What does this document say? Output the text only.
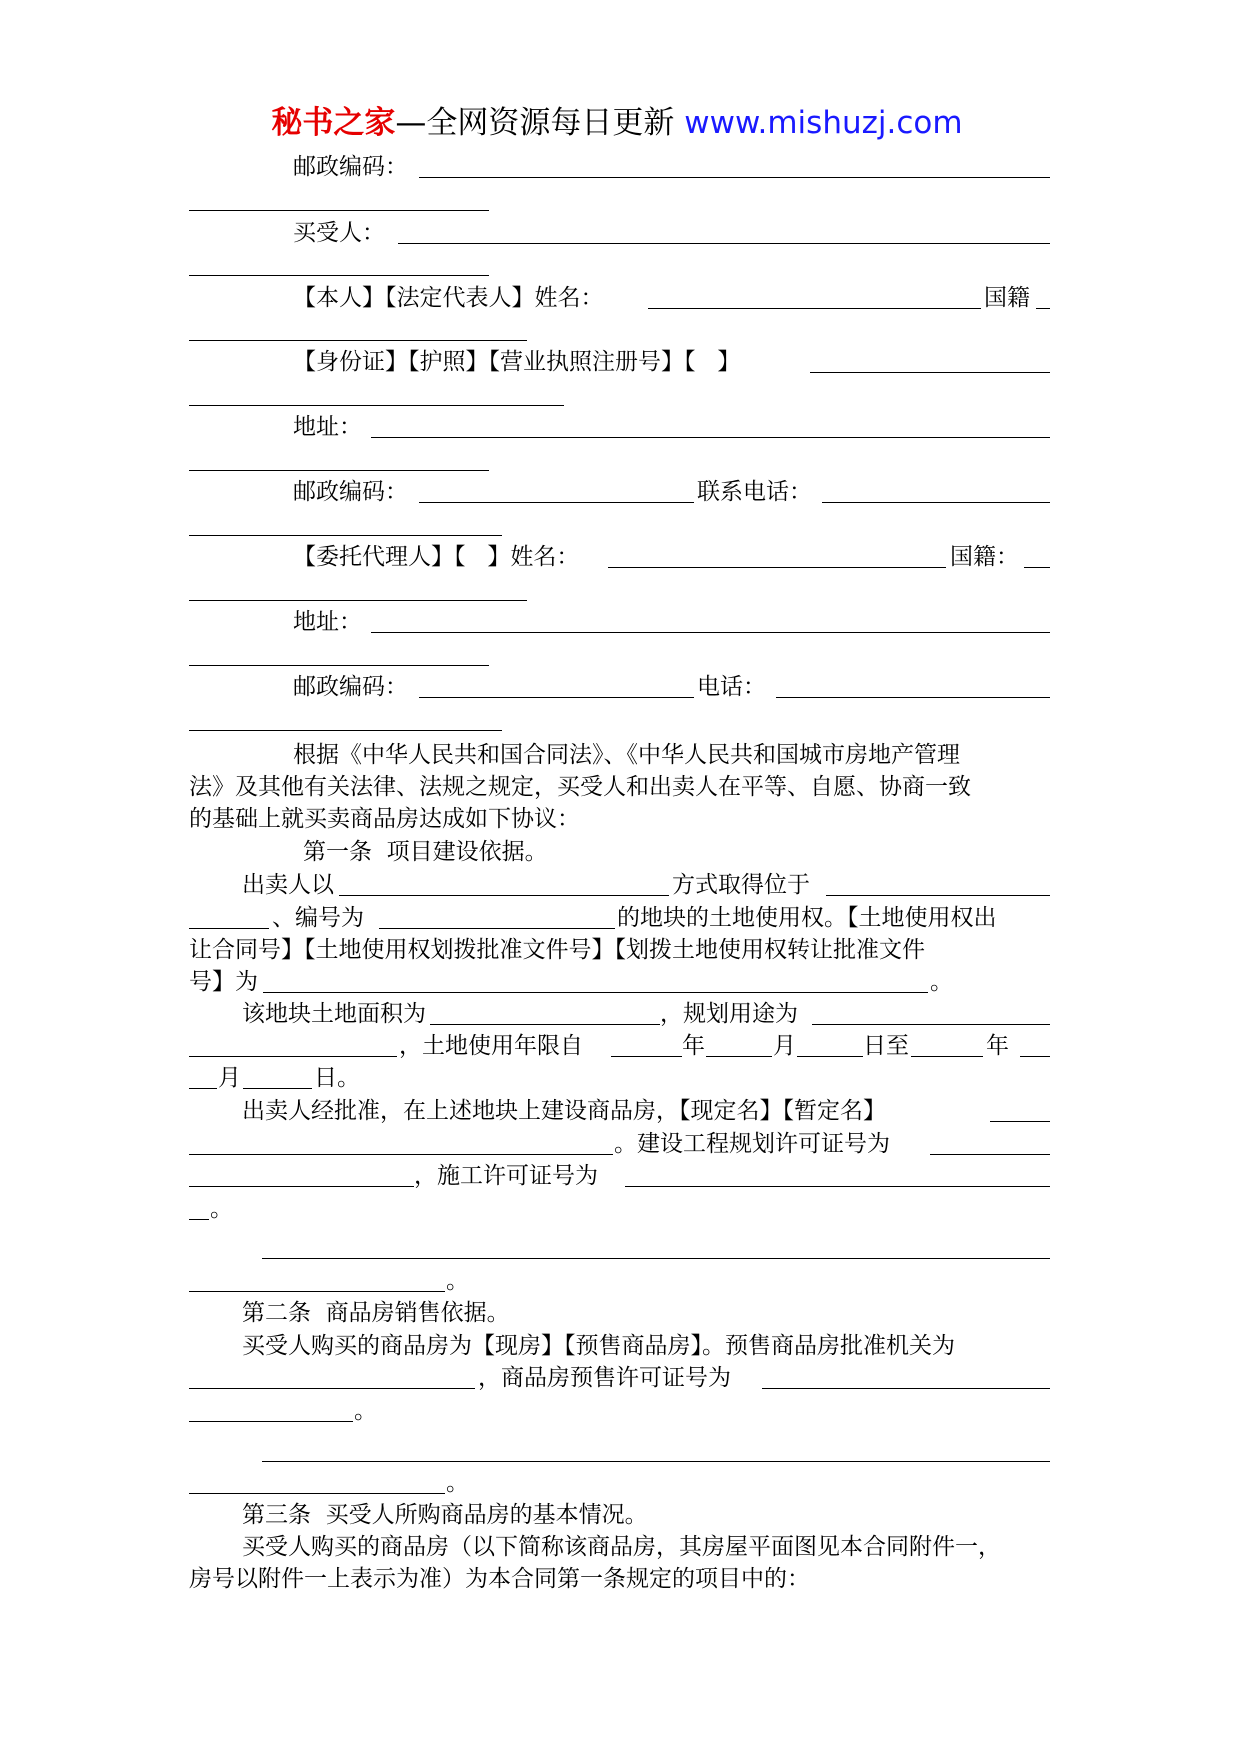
秘书之家—全网资源每日更新 www.mishuzj.com
邮政编码：
买受人：
【本人】【法定代表人】姓名：	国籍
【身份证】【护照】【营业执照注册号】【   】
地址：
邮政编码：	联系电话：
【委托代理人】【   】姓名：	国籍：
地址：
邮政编码：	电话：
根据《中华人民共和国合同法》、《中华人民共和国城市房地产管理
法》及其他有关法律、法规之规定，买受人和出卖人在平等、自愿、协商一致
的基础上就买卖商品房达成如下协议：
第一条  项目建设依据。
出卖人以	方式取得位于
、编号为	的地块的土地使用权。【土地使用权出
让合同号】【土地使用权划拨批准文件号】【划拨土地使用权转让批准文件
号】为	。
该地块土地面积为	，规划用途为
，土地使用年限自	年	月	日至	年
月	日。
出卖人经批准，在上述地块上建设商品房，【现定名】【暂定名】
。建设工程规划许可证号为
，施工许可证号为
。
。
第二条  商品房销售依据。
买受人购买的商品房为【现房】【预售商品房】。预售商品房批准机关为
，商品房预售许可证号为
。
。
第三条  买受人所购商品房的基本情况。
买受人购买的商品房（以下简称该商品房，其房屋平面图见本合同附件一，
房号以附件一上表示为准）为本合同第一条规定的项目中的：
